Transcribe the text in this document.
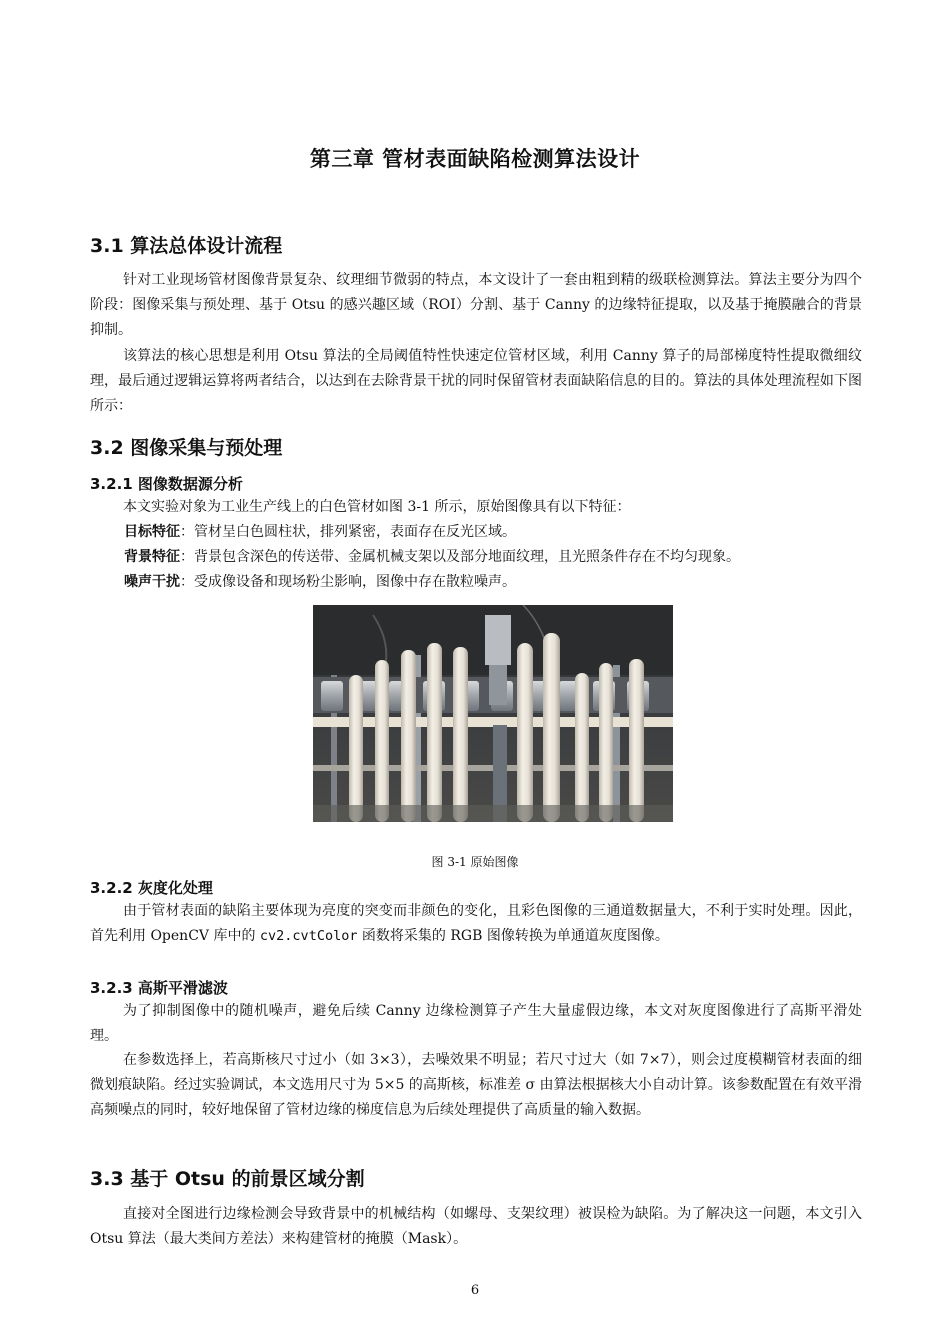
第三章 管材表面缺陷检测算法设计
3.1 算法总体设计流程

针对工业现场管材图像背景复杂、纹理细节微弱的特点，本文设计了一套由粗到精的级联检测算法。算法主要分为四个阶段：图像采集与预处理、基于 Otsu 的感兴趣区域（ROI）分割、基于 Canny 的边缘特征提取，以及基于掩膜融合的背景抑制。

该算法的核心思想是利用 Otsu 算法的全局阈值特性快速定位管材区域，利用 Canny 算子的局部梯度特性提取微细纹理，最后通过逻辑运算将两者结合，以达到在去除背景干扰的同时保留管材表面缺陷信息的目的。算法的具体处理流程如下图所示：

3.2 图像采集与预处理
3.2.1 图像数据源分析

本文实验对象为工业生产线上的白色管材如图 3-1 所示，原始图像具有以下特征：

目标特征：管材呈白色圆柱状，排列紧密，表面存在反光区域。

背景特征：背景包含深色的传送带、金属机械支架以及部分地面纹理，且光照条件存在不均匀现象。

噪声干扰：受成像设备和现场粉尘影响，图像中存在散粒噪声。

图 3-1 原始图像

3.2.2 灰度化处理

由于管材表面的缺陷主要体现为亮度的突变而非颜色的变化，且彩色图像的三通道数据量大，不利于实时处理。因此，首先利用 OpenCV 库中的 cv2.cvtColor 函数将采集的 RGB 图像转换为单通道灰度图像。

3.2.3 高斯平滑滤波

为了抑制图像中的随机噪声，避免后续 Canny 边缘检测算子产生大量虚假边缘，本文对灰度图像进行了高斯平滑处理。

在参数选择上，若高斯核尺寸过小（如 3×3），去噪效果不明显；若尺寸过大（如 7×7），则会过度模糊管材表面的细微划痕缺陷。经过实验调试，本文选用尺寸为 5×5 的高斯核，标准差 σ 由算法根据核大小自动计算。该参数配置在有效平滑高频噪点的同时，较好地保留了管材边缘的梯度信息为后续处理提供了高质量的输入数据。

3.3 基于 Otsu 的前景区域分割

直接对全图进行边缘检测会导致背景中的机械结构（如螺母、支架纹理）被误检为缺陷。为了解决这一问题，本文引入 Otsu 算法（最大类间方差法）来构建管材的掩膜（Mask）。

6
